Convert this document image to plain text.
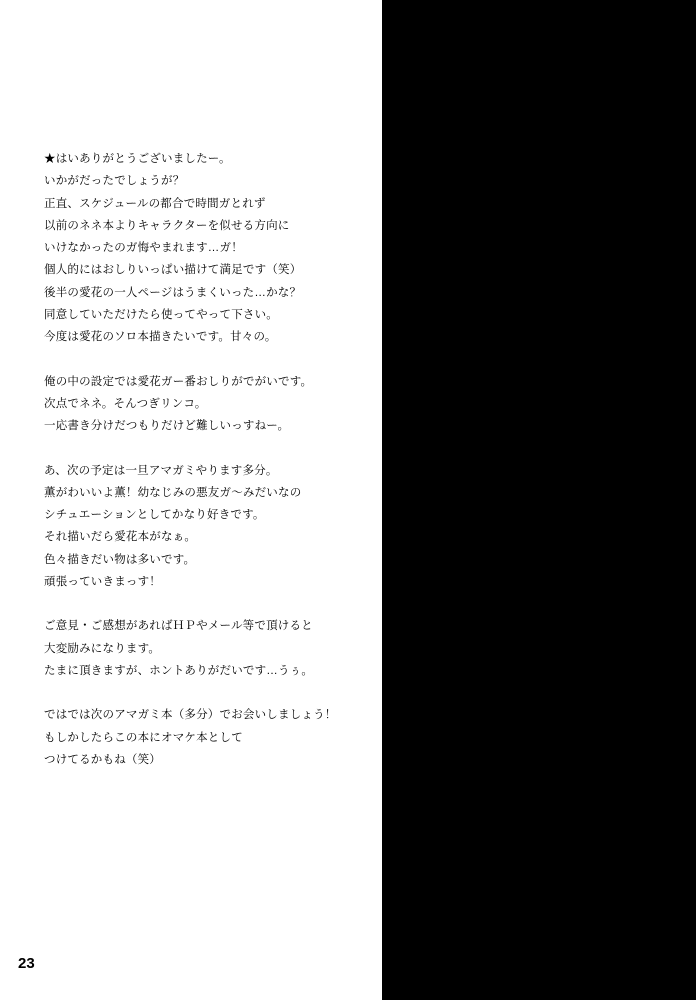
★はいありがとうございましたー。
いかがだったでしょうが？
正直、スケジュールの都合で時間ガとれず
以前のネネ本よりキャラクターを似せる方向に
いけなかったのガ悔やまれます…ガ！
個人的にはおしりいっぱい描けて満足です（笑）
後半の愛花の一人ページはうまくいった…かな？
同意していただけたら使ってやって下さい。
今度は愛花のソロ本描きたいです。甘々の。
俺の中の設定では愛花ガー番おしりがでがいです。
次点でネネ。そんつぎリンコ。
一応書き分けだつもりだけど難しいっすねー。
あ、次の予定は一旦アマガミやります多分。
薫がわいいよ薫！幼なじみの悪友ガ～みだいなの
シチュエーションとしてかなり好きです。
それ描いだら愛花本がなぁ。
色々描きだい物は多いです。
頑張っていきまっす！
ご意見・ご感想があればＨＰやメール等で頂けると
大変励みになります。
たまに頂きますが、ホントありがだいです…うぅ。
ではでは次のアマガミ本（多分）でお会いしましょう！
もしかしたらこの本にオマケ本として
つけてるかもね（笑）
23
